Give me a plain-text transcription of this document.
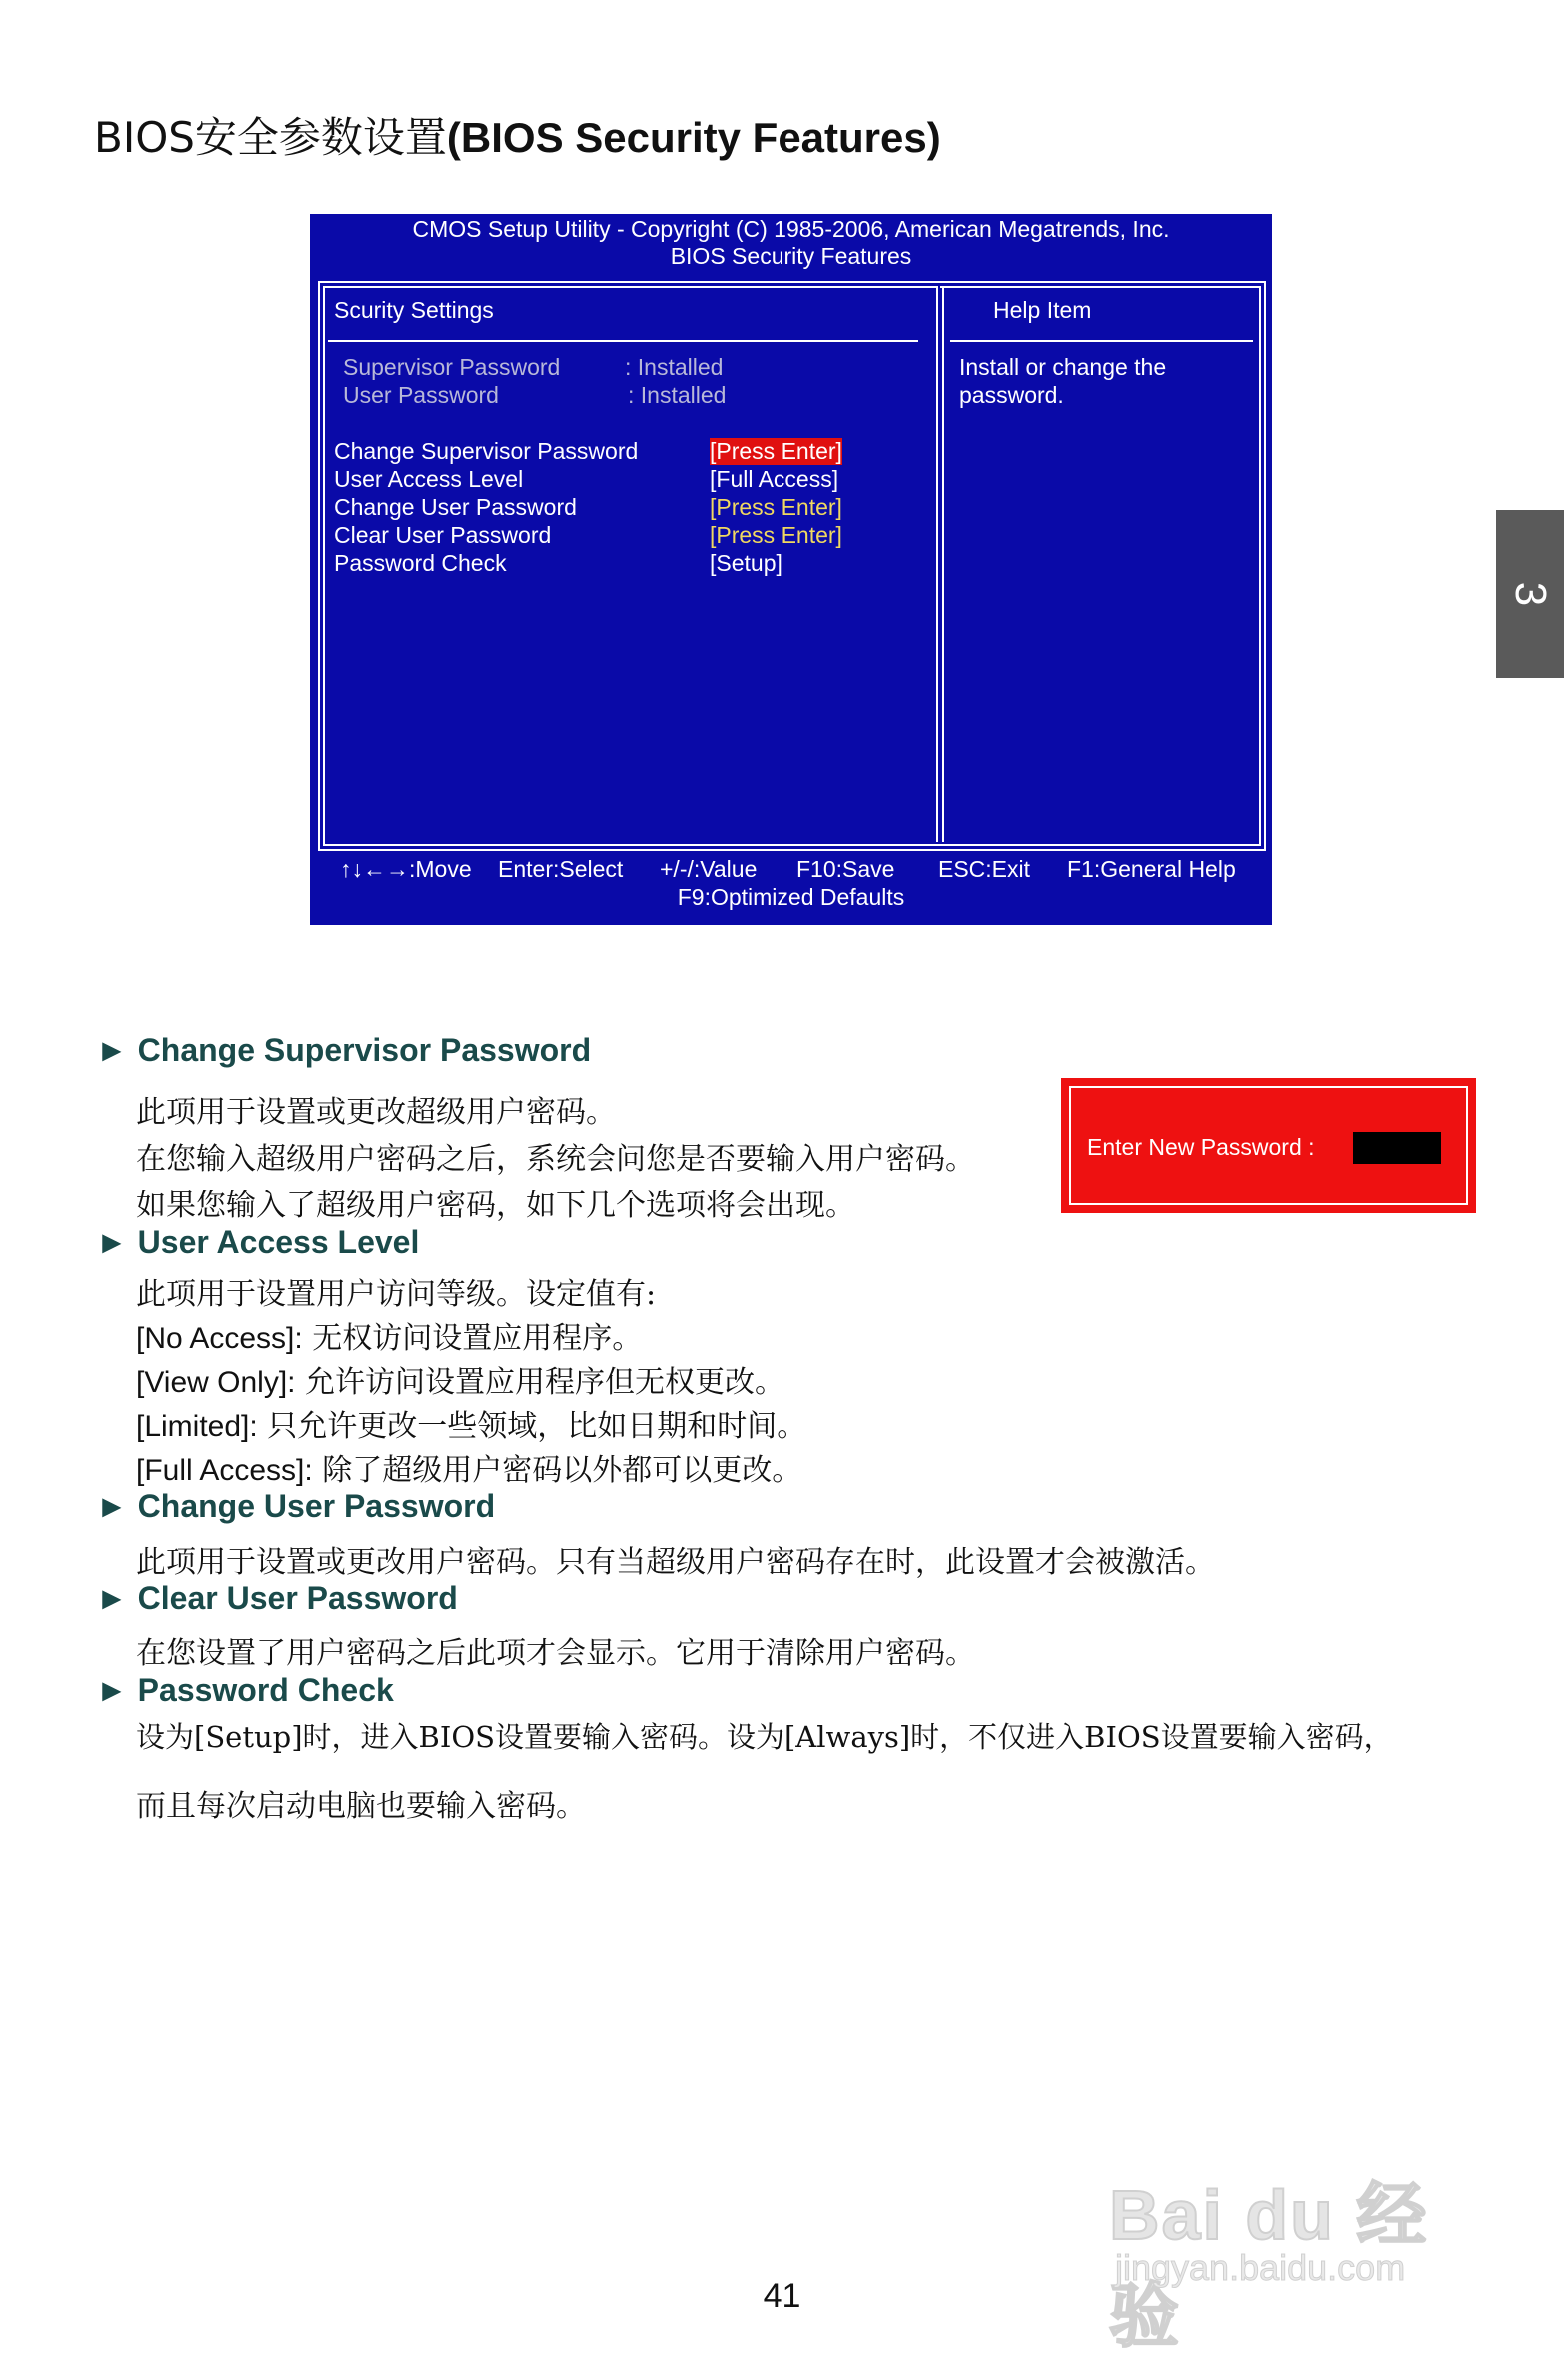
BIOS安全参数设置(BIOS Security Features)
3
CMOS Setup Utility - Copyright (C) 1985-2006, American Megatrends, Inc.
BIOS Security Features
Scurity Settings	Help Item
Install or change the
password.
Supervisor Password	: Installed
User Password	: Installed
Change Supervisor Password	[Press Enter]
User Access Level	[Full Access]
Change User Password	[Press Enter]
Clear User Password	[Press Enter]
Password Check	[Setup]
↑↓←→:Move Enter:Select +/-/:Value F10:Save ESC:Exit F1:General Help
F9:Optimized Defaults
Enter New Password :
► Change Supervisor Password
此项用于设置或更改超级用户密码。
在您输入超级用户密码之后，系统会问您是否要输入用户密码。
如果您输入了超级用户密码，如下几个选项将会出现。
► User Access Level
此项用于设置用户访问等级。设定值有:
[No Access]: 无权访问设置应用程序。
[View Only]: 允许访问设置应用程序但无权更改。
[Limited]: 只允许更改一些领域，比如日期和时间。
[Full Access]: 除了超级用户密码以外都可以更改。
► Change User Password
此项用于设置或更改用户密码。只有当超级用户密码存在时，此设置才会被激活。
► Clear User Password
在您设置了用户密码之后此项才会显示。它用于清除用户密码。
► Password Check
设为[Setup]时，进入BIOS设置要输入密码。设为[Always]时，不仅进入BIOS设置要输入密码，
而且每次启动电脑也要输入密码。
41
Bai du 经验
jingyan.baidu.com
